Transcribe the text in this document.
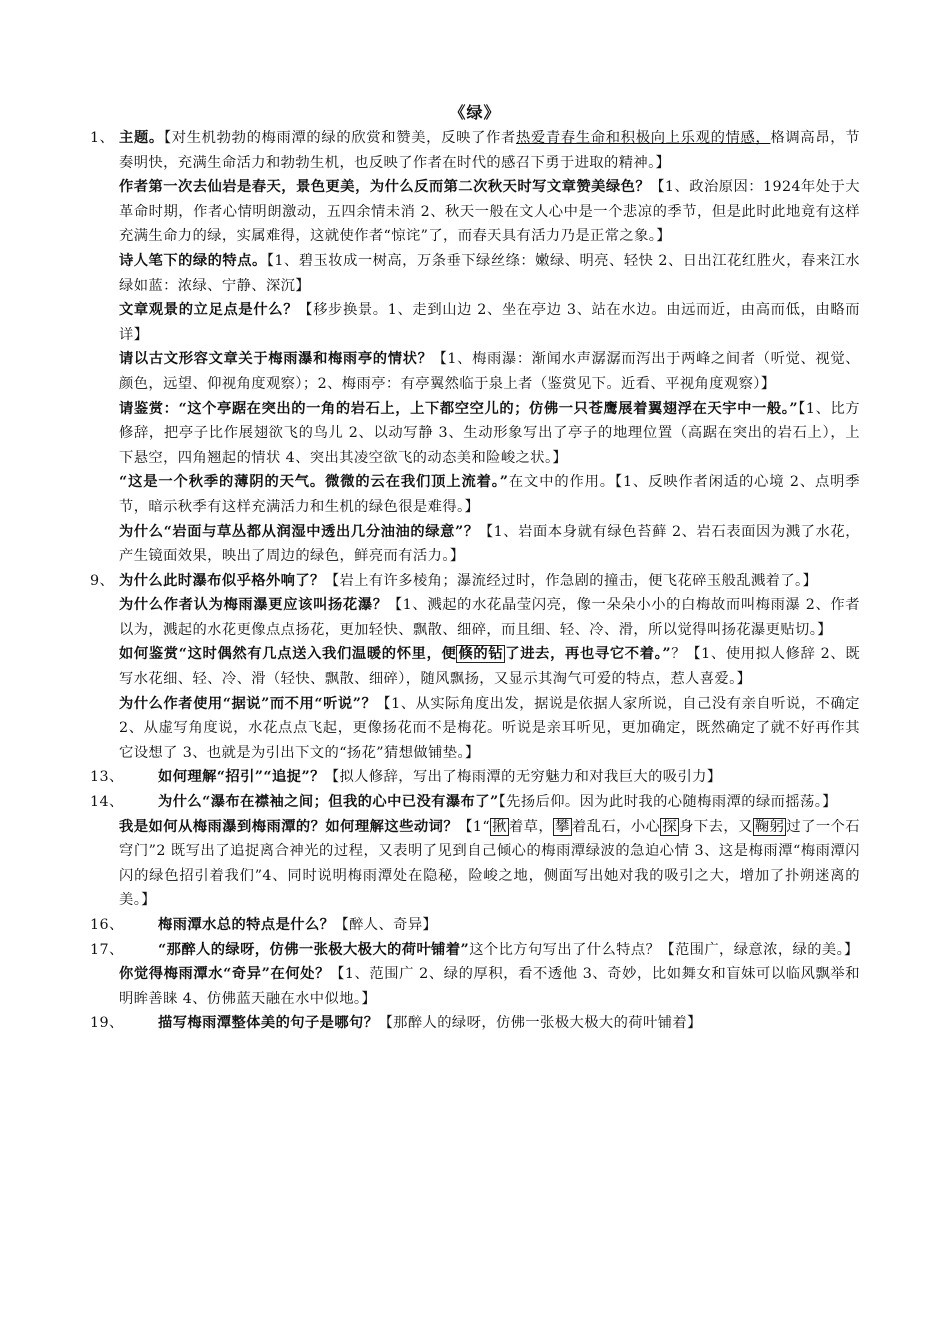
《绿》
1、 主题。【对生机勃勃的梅雨潭的绿的欣赏和赞美，反映了作者热爱青春生命和积极向上乐观的情感，格调高昂，节奏明快，充满生命活力和勃勃生机，也反映了作者在时代的感召下勇于进取的精神。】
作者第一次去仙岩是春天，景色更美，为什么反而第二次秋天时写文章赞美绿色？【1、政治原因：1924年处于大革命时期，作者心情明朗激动，五四余情未消 2、秋天一般在文人心中是一个悲凉的季节，但是此时此地竟有这样充满生命力的绿，实属难得，这就使作者“惊诧”了，而春天具有活力乃是正常之象。】
诗人笔下的绿的特点。【1、碧玉妆成一树高，万条垂下绿丝绦：嫩绿、明亮、轻快 2、日出江花红胜火，春来江水绿如蓝：浓绿、宁静、深沉】
文章观景的立足点是什么？【移步换景。1、走到山边 2、坐在亭边 3、站在水边。由远而近，由高而低，由略而详】
请以古文形容文章关于梅雨瀑和梅雨亭的情状？【1、梅雨瀑：渐闻水声潺潺而泻出于两峰之间者（听觉、视觉、颜色，远望、仰视角度观察）；2、梅雨亭：有亭翼然临于泉上者（鉴赏见下。近看、平视角度观察）】
请鉴赏：“这个亭踞在突出的一角的岩石上，上下都空空儿的；仿佛一只苍鹰展着翼翅浮在天宇中一般。”【1、比方修辞，把亭子比作展翅欲飞的鸟儿 2、以动写静 3、生动形象写出了亭子的地理位置（高踞在突出的岩石上），上下悬空，四角翘起的情状 4、突出其凌空欲飞的动态美和险峻之状。】
“这是一个秋季的薄阴的天气。微微的云在我们顶上流着。”在文中的作用。【1、反映作者闲适的心境 2、点明季节，暗示秋季有这样充满活力和生机的绿色很是难得。】
为什么“岩面与草丛都从润湿中透出几分油油的绿意”？【1、岩面本身就有绿色苔藓 2、岩石表面因为溅了水花，产生镜面效果，映出了周边的绿色，鲜亮而有活力。】
9、 为什么此时瀑布似乎格外响了？【岩上有许多棱角；瀑流经过时，作急剧的撞击，便飞花碎玉般乱溅着了。】
为什么作者认为梅雨瀑更应该叫扬花瀑？【1、溅起的水花晶莹闪亮，像一朵朵小小的白梅故而叫梅雨瀑 2、作者以为，溅起的水花更像点点扬花，更加轻快、飘散、细碎，而且细、轻、冷、滑，所以觉得叫扬花瀑更贴切。】
如何鉴赏“这时偶然有几点送入我们温暖的怀里，便 倏的钻 了进去，再也寻它不着。”？【1、使用拟人修辞 2、既写水花细、轻、冷、滑（轻快、飘散、细碎），随风飘扬，又显示其淘气可爱的特点，惹人喜爱。】
为什么作者使用“据说”而不用“听说”？【1、从实际角度出发，据说是依据人家所说，自己没有亲自听说，不确定 2、从虚写角度说，水花点点飞起，更像扬花而不是梅花。听说是亲耳听见，更加确定，既然确定了就不好再作其它设想了 3、也就是为引出下文的“扬花”猜想做铺垫。】
13、 如何理解“招引”“追捉”？【拟人修辞，写出了梅雨潭的无穷魅力和对我巨大的吸引力】
14、 为什么“瀑布在襟袖之间；但我的心中已没有瀑布了”【先扬后仰。因为此时我的心随梅雨潭的绿而摇荡。】
我是如何从梅雨瀑到梅雨潭的？如何理解这些动词？【1“ 揪 着草， 攀 着乱石，小心 探 身下去，又 鞠躬 过了一个石穹门”2 既写出了追捉离合神光的过程，又表明了见到自己倾心的梅雨潭绿波的急迫心情 3、这是梅雨潭“梅雨潭闪闪的绿色招引着我们”4、同时说明梅雨潭处在隐秘，险峻之地，侧面写出她对我的吸引之大，增加了扑朔迷离的美。】
16、 梅雨潭水总的特点是什么？【醉人、奇异】
17、 “那醉人的绿呀，仿佛一张极大极大的荷叶铺着”这个比方句写出了什么特点？【范围广，绿意浓，绿的美。】
你觉得梅雨潭水“奇异”在何处？【1、范围广 2、绿的厚积，看不透他 3、奇妙，比如舞女和盲妹可以临风飘举和明眸善睐 4、仿佛蓝天融在水中似地。】
19、 描写梅雨潭整体美的句子是哪句？【那醉人的绿呀，仿佛一张极大极大的荷叶铺着】
